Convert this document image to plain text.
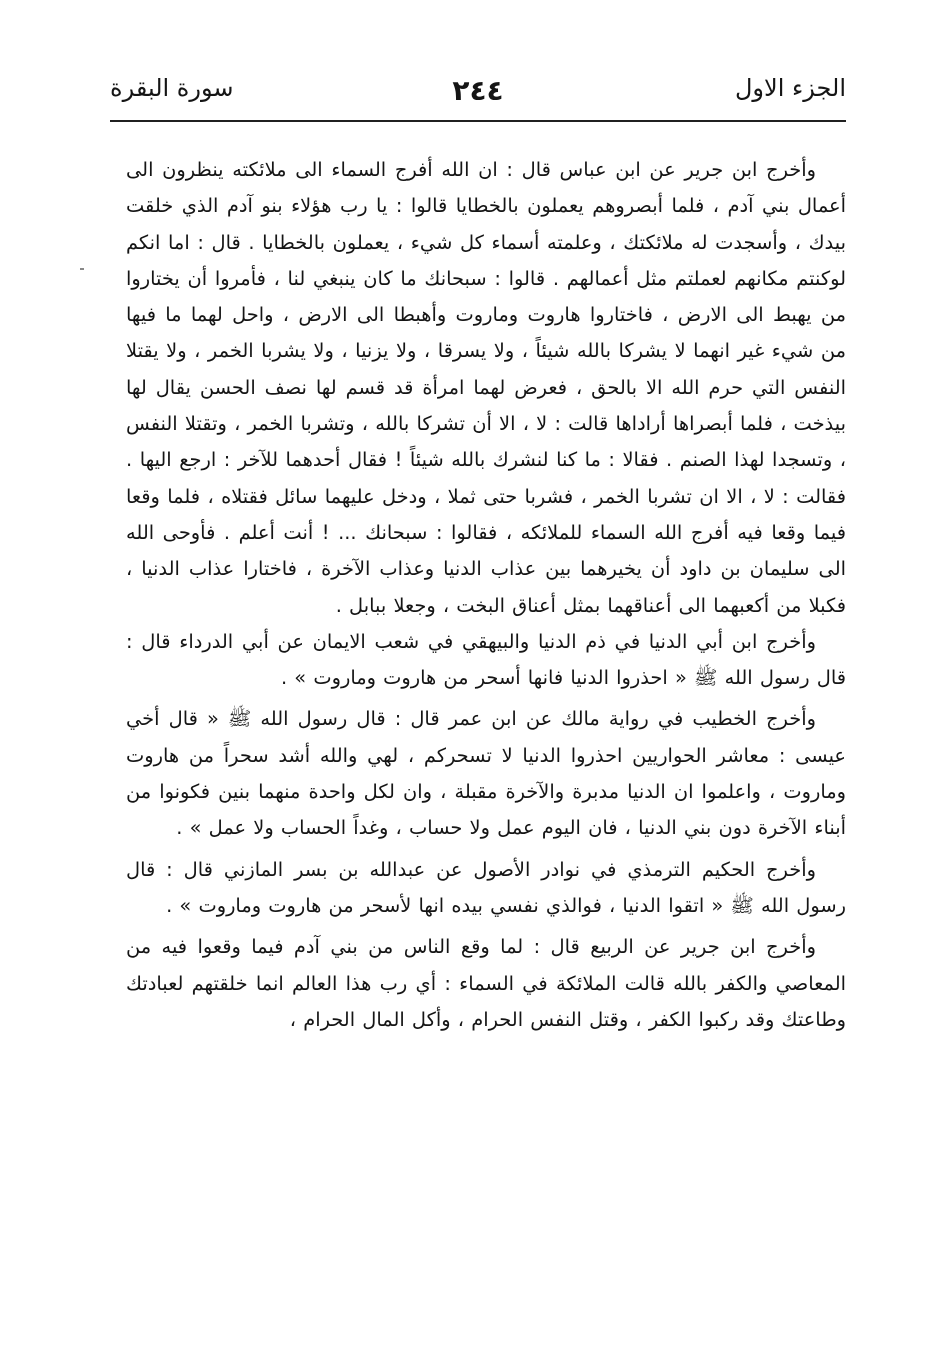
الجزء الاول
٢٤٤
سورة البقرة

وأخرج ابن جرير عن ابن عباس قال : ان الله أفرج السماء الى ملائكته ينظرون الى أعمال بني آدم ، فلما أبصروهم يعملون بالخطايا قالوا : يا رب هؤلاء بنو آدم الذي خلقت بيدك ، وأسجدت له ملائكتك ، وعلمته أسماء كل شيء ، يعملون بالخطايا . قال : اما انكم لوكنتم مكانهم لعملتم مثل أعمالهم . قالوا : سبحانك ما كان ينبغي لنا ، فأمروا أن يختاروا من يهبط الى الارض ، فاختاروا هاروت وماروت وأهبطا الى الارض ، واحل لهما ما فيها من شيء غير انهما لا يشركا بالله شيئاً ، ولا يسرقا ، ولا يزنيا ، ولا يشربا الخمر ، ولا يقتلا النفس التي حرم الله الا بالحق ، فعرض لهما امرأة قد قسم لها نصف الحسن يقال لها بيذخت ، فلما أبصراها أراداها قالت : لا ، الا أن تشركا بالله ، وتشربا الخمر ، وتقتلا النفس ، وتسجدا لهذا الصنم . فقالا : ما كنا لنشرك بالله شيئاً ! فقال أحدهما للآخر : ارجع اليها . فقالت : لا ، الا ان تشربا الخمر ، فشربا حتى ثملا ، ودخل عليهما سائل فقتلاه ، فلما وقعا فيما وقعا فيه أفرج الله السماء للملائكه ، فقالوا : سبحانك ... ! أنت أعلم . فأوحى الله الى سليمان بن داود أن يخيرهما بين عذاب الدنيا وعذاب الآخرة ، فاختارا عذاب الدنيا ، فكبلا من أكعبهما الى أعناقهما بمثل أعناق البخت ، وجعلا ببابل .

وأخرج ابن أبي الدنيا في ذم الدنيا والبيهقي في شعب الايمان عن أبي الدرداء قال : قال رسول الله ﷺ « احذروا الدنيا فانها أسحر من هاروت وماروت » .

وأخرج الخطيب في رواية مالك عن ابن عمر قال : قال رسول الله ﷺ « قال أخي عيسى : معاشر الحواريين احذروا الدنيا لا تسحركم ، لهي والله أشد سحراً من هاروت وماروت ، واعلموا ان الدنيا مدبرة والآخرة مقبلة ، وان لكل واحدة منهما بنين فكونوا من أبناء الآخرة دون بني الدنيا ، فان اليوم عمل ولا حساب ، وغداً الحساب ولا عمل » .

وأخرج الحكيم الترمذي في نوادر الأصول عن عبدالله بن بسر المازني قال : قال رسول الله ﷺ « اتقوا الدنيا ، فوالذي نفسي بيده انها لأسحر من هاروت وماروت » .

وأخرج ابن جرير عن الربيع قال : لما وقع الناس من بني آدم فيما وقعوا فيه من المعاصي والكفر بالله قالت الملائكة في السماء : أي رب هذا العالم انما خلقتهم لعبادتك وطاعتك وقد ركبوا الكفر ، وقتل النفس الحرام ، وأكل المال الحرام ،
